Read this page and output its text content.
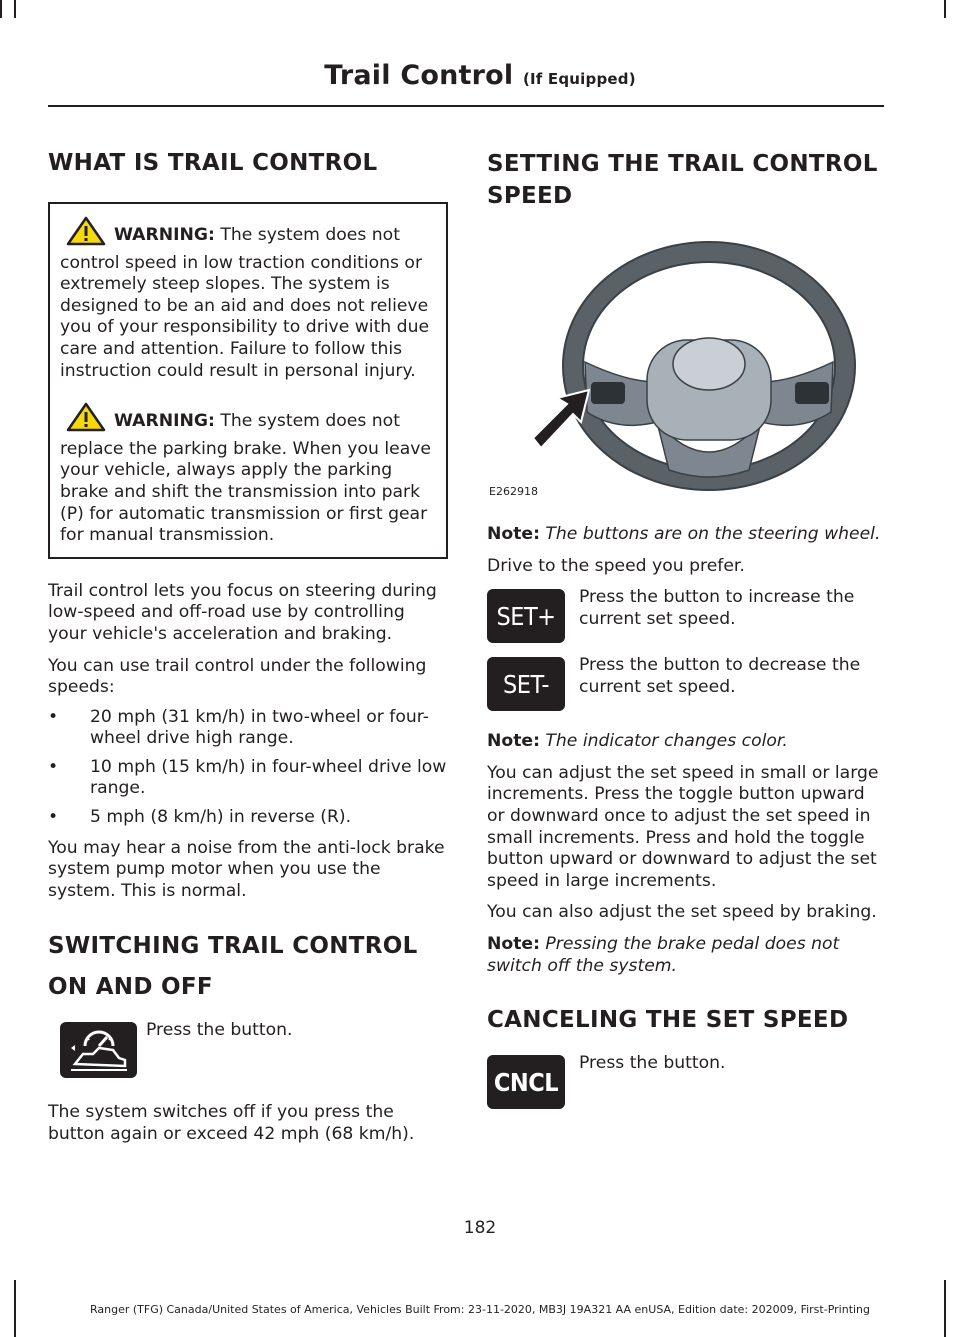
Trail Control (If Equipped)
WHAT IS TRAIL CONTROL
WARNING: The system does not control speed in low traction conditions or extremely steep slopes. The system is designed to be an aid and does not relieve you of your responsibility to drive with due care and attention. Failure to follow this instruction could result in personal injury.
WARNING: The system does not replace the parking brake. When you leave your vehicle, always apply the parking brake and shift the transmission into park (P) for automatic transmission or first gear for manual transmission.

Trail control lets you focus on steering during low-speed and off-road use by controlling your vehicle's acceleration and braking.

You can use trail control under the following speeds:

• 20 mph (31 km/h) in two-wheel or four-wheel drive high range.
• 10 mph (15 km/h) in four-wheel drive low range.
• 5 mph (8 km/h) in reverse (R).

You may hear a noise from the anti-lock brake system pump motor when you use the system. This is normal.

SWITCHING TRAIL CONTROL ON AND OFF

Press the button.

The system switches off if you press the button again or exceed 42 mph (68 km/h).

SETTING THE TRAIL CONTROL SPEED
E262918

Note: The buttons are on the steering wheel.

Drive to the speed you prefer.

SET+

Press the button to increase the current set speed.

SET-

Press the button to decrease the current set speed.

Note: The indicator changes color.

You can adjust the set speed in small or large increments. Press the toggle button upward or downward once to adjust the set speed in small increments. Press and hold the toggle button upward or downward to adjust the set speed in large increments.

You can also adjust the set speed by braking.

Note: Pressing the brake pedal does not switch off the system.

CANCELING THE SET SPEED
CNCL

Press the button.

182
Ranger (TFG) Canada/United States of America, Vehicles Built From: 23-11-2020, MB3J 19A321 AA enUSA, Edition date: 202009, First-Printing
